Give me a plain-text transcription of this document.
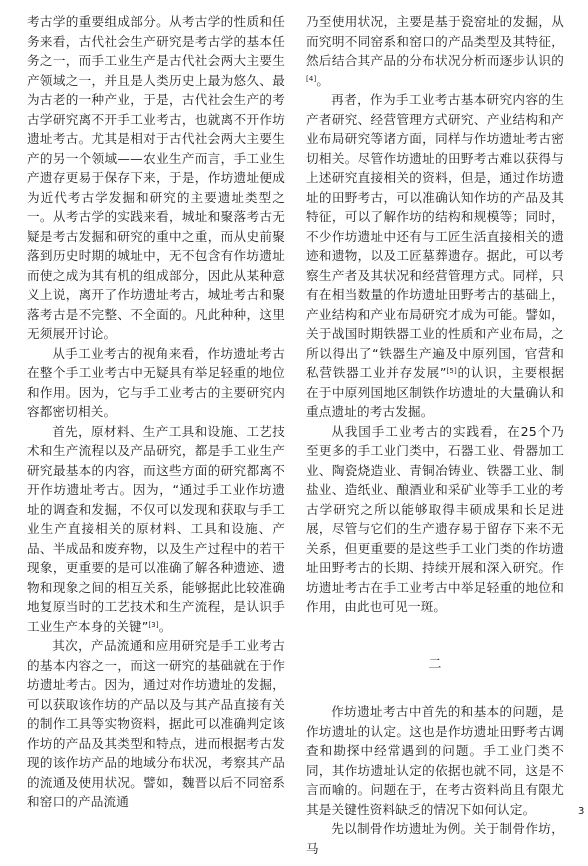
考古学的重要组成部分。从考古学的性质和任务来看，古代社会生产研究是考古学的基本任务之一，而手工业生产是古代社会两大主要生产领域之一，并且是人类历史上最为悠久、最为古老的一种产业，于是，古代社会生产的考古学研究离不开手工业考古，也就离不开作坊遗址考古。尤其是相对于古代社会两大主要生产的另一个领域——农业生产而言，手工业生产遗存更易于保存下来，于是，作坊遗址便成为近代考古学发掘和研究的主要遗址类型之一。从考古学的实践来看，城址和聚落考古无疑是考古发掘和研究的重中之重，而从史前聚落到历史时期的城址中，无不包含有作坊遗址而使之成为其有机的组成部分，因此从某种意义上说，离开了作坊遗址考古，城址考古和聚落考古是不完整、不全面的。凡此种种，这里无须展开讨论。

从手工业考古的视角来看，作坊遗址考古在整个手工业考古中无疑具有举足轻重的地位和作用。因为，它与手工业考古的主要研究内容都密切相关。

首先，原材料、生产工具和设施、工艺技术和生产流程以及产品研究，都是手工业生产研究最基本的内容，而这些方面的研究都离不开作坊遗址考古。因为，“通过手工业作坊遗址的调查和发掘，不仅可以发现和获取与手工业生产直接相关的原材料、工具和设施、产品、半成品和废弃物，以及生产过程中的若干现象，更重要的是可以准确了解各种遗迹、遗物和现象之间的相互关系，能够据此比较准确地复原当时的工艺技术和生产流程，是认识手工业生产本身的关键”[3]。

其次，产品流通和应用研究是手工业考古的基本内容之一，而这一研究的基础就在于作坊遗址考古。因为，通过对作坊遗址的发掘，可以获取该作坊的产品以及与其产品直接有关的制作工具等实物资料，据此可以准确判定该作坊的产品及其类型和特点，进而根据考古发现的该作坊产品的地域分布状况，考察其产品的流通及使用状况。譬如，魏晋以后不同窑系和窑口的产品流通

乃至使用状况，主要是基于瓷窑址的发掘，从而究明不同窑系和窑口的产品类型及其特征，然后结合其产品的分布状况分析而逐步认识的[4]。

再者，作为手工业考古基本研究内容的生产者研究、经营管理方式研究、产业结构和产业布局研究等诸方面，同样与作坊遗址考古密切相关。尽管作坊遗址的田野考古难以获得与上述研究直接相关的资料，但是，通过作坊遗址的田野考古，可以准确认知作坊的产品及其特征，可以了解作坊的结构和规模等；同时，不少作坊遗址中还有与工匠生活直接相关的遗迹和遗物，以及工匠墓葬遗存。据此，可以考察生产者及其状况和经营管理方式。同样，只有在相当数量的作坊遗址田野考古的基础上，产业结构和产业布局研究才成为可能。譬如，关于战国时期铁器工业的性质和产业布局，之所以得出了“铁器生产遍及中原列国，官营和私营铁器工业并存发展”[5]的认识，主要根据在于中原列国地区制铁作坊遗址的大量确认和重点遗址的考古发掘。

从我国手工业考古的实践看，在25个乃至更多的手工业门类中，石器工业、骨器加工业、陶瓷烧造业、青铜冶铸业、铁器工业、制盐业、造纸业、酿酒业和采矿业等手工业的考古学研究之所以能够取得丰硕成果和长足进展，尽管与它们的生产遗存易于留存下来不无关系，但更重要的是这些手工业门类的作坊遗址田野考古的长期、持续开展和深入研究。作坊遗址考古在手工业考古中举足轻重的地位和作用，由此也可见一斑。

二

作坊遗址考古中首先的和基本的问题，是作坊遗址的认定。这也是作坊遗址田野考古调查和勘探中经常遇到的问题。手工业门类不同，其作坊遗址认定的依据也就不同，这是不言而喻的。问题在于，在考古资料尚且有限尤其是关键性资料缺乏的情况下如何认定。

先以制骨作坊遗址为例。关于制骨作坊，马

3
